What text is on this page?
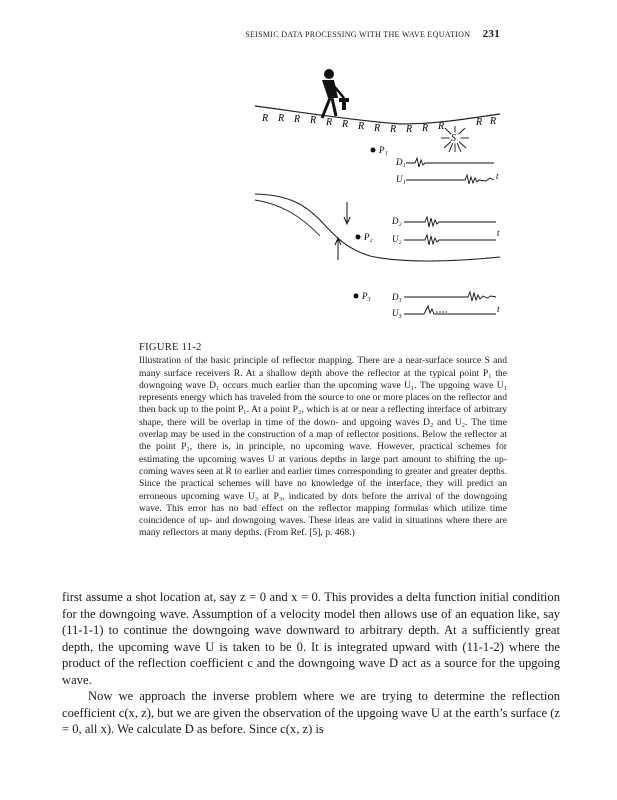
SEISMIC DATA PROCESSING WITH THE WAVE EQUATION 231
R R R R R R R R R R R R	R R
S
P₁
D₁
U₁	t
P₂
D₂
U₂
t
P₃ D₃
U₃	t
FIGURE 11-2
Illustration of the basic principle of reflector mapping. There are a near-surface source S and many surface receivers R. At a shallow depth above the reflector at the typical point P₁ the downgoing wave D₁ occurs much earlier than the upcoming wave U₁. The upgoing wave U₁ represents energy which has traveled from the source to one or more places on the reflector and then back up to the point P₁. At a point P₂, which is at or near a reflecting interface of arbitrary shape, there will be overlap in time of the down- and upgoing waves D₂ and U₂. The time overlap may be used in the construction of a map of reflector positions. Below the reflector at the point P₃, there is, in principle, no upcoming wave. However, practical schemes for estimating the upcoming waves U at various depths in large part amount to shifting the up-coming waves seen at R to earlier and earlier times corresponding to greater and greater depths. Since the practical schemes will have no knowledge of the interface, they will predict an erroneous upcoming wave U₃ at P₃, indicated by dots before the arrival of the downgoing wave. This error has no bad effect on the reflector mapping formulas which utilize time coincidence of up- and downgoing waves. These ideas are valid in situations where there are many reflectors at many depths. (From Ref. [5], p. 468.)

first assume a shot location at, say z = 0 and x = 0. This provides a delta function initial condition for the downgoing wave. Assumption of a velocity model then allows use of an equation like, say (11-1-1) to continue the downgoing wave downward to arbitrary depth. At a sufficiently great depth, the upcoming wave U is taken to be 0. It is integrated upward with (11-1-2) where the product of the reflection coefficient c and the downgoing wave D act as a source for the upgoing wave.

Now we approach the inverse problem where we are trying to determine the reflection coefficient c(x, z), but we are given the observation of the upgoing wave U at the earth’s surface (z = 0, all x). We calculate D as before. Since c(x, z) is
